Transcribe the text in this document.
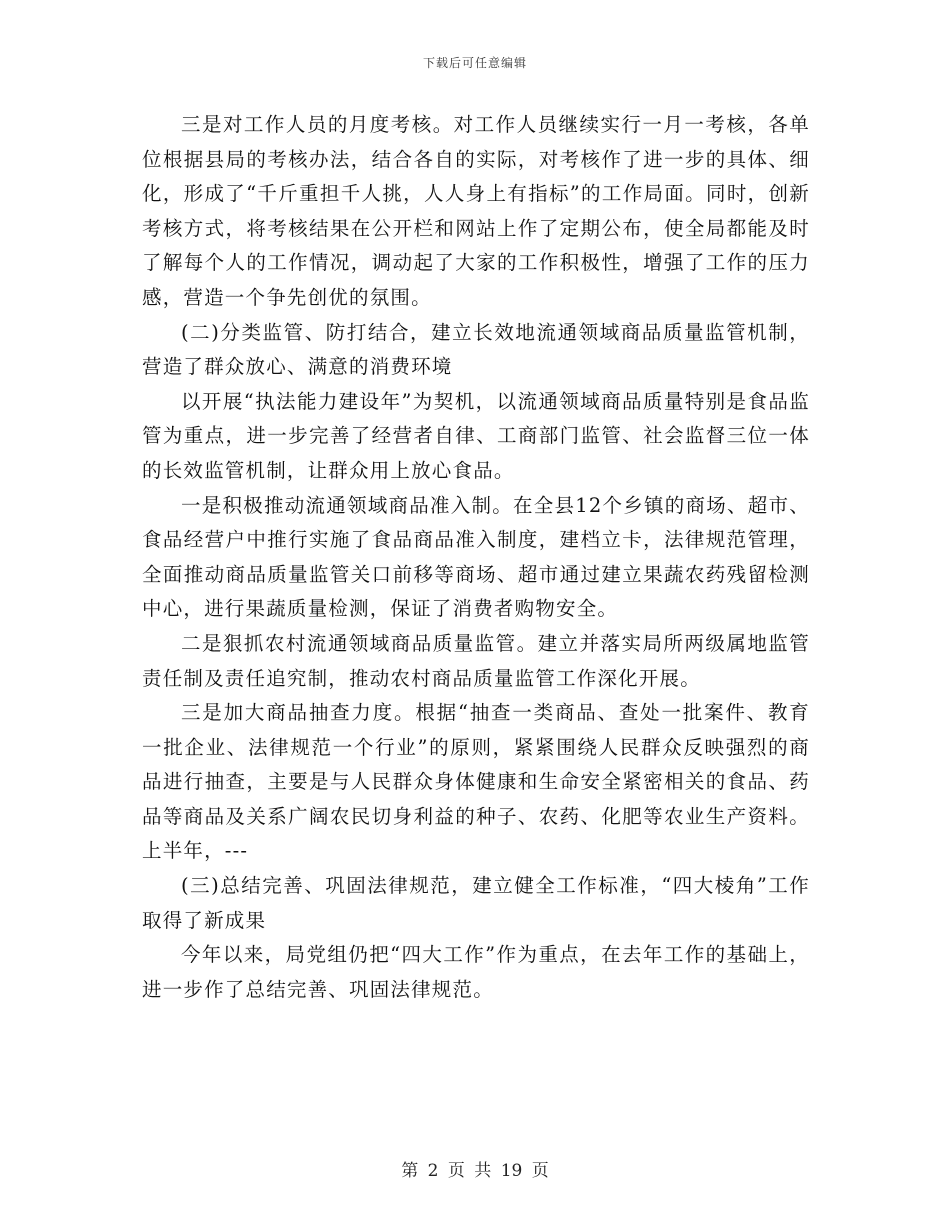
下载后可任意编辑

三是对工作人员的月度考核。对工作人员继续实行一月一考核，各单位根据县局的考核办法，结合各自的实际，对考核作了进一步的具体、细化，形成了“千斤重担千人挑，人人身上有指标”的工作局面。同时，创新考核方式，将考核结果在公开栏和网站上作了定期公布，使全局都能及时了解每个人的工作情况，调动起了大家的工作积极性，增强了工作的压力感，营造一个争先创优的氛围。

(二)分类监管、防打结合，建立长效地流通领域商品质量监管机制，营造了群众放心、满意的消费环境

以开展“执法能力建设年”为契机，以流通领域商品质量特别是食品监管为重点，进一步完善了经营者自律、工商部门监管、社会监督三位一体的长效监管机制，让群众用上放心食品。

一是积极推动流通领域商品准入制。在全县12个乡镇的商场、超市、食品经营户中推行实施了食品商品准入制度，建档立卡，法律规范管理，全面推动商品质量监管关口前移等商场、超市通过建立果蔬农药残留检测中心，进行果蔬质量检测，保证了消费者购物安全。

二是狠抓农村流通领域商品质量监管。建立并落实局所两级属地监管责任制及责任追究制，推动农村商品质量监管工作深化开展。

三是加大商品抽查力度。根据“抽查一类商品、查处一批案件、教育一批企业、法律规范一个行业”的原则，紧紧围绕人民群众反映强烈的商品进行抽查，主要是与人民群众身体健康和生命安全紧密相关的食品、药品等商品及关系广阔农民切身利益的种子、农药、化肥等农业生产资料。上半年，---

(三)总结完善、巩固法律规范，建立健全工作标准，“四大棱角”工作取得了新成果

今年以来，局党组仍把“四大工作”作为重点，在去年工作的基础上，进一步作了总结完善、巩固法律规范。

第 2 页 共 19 页
